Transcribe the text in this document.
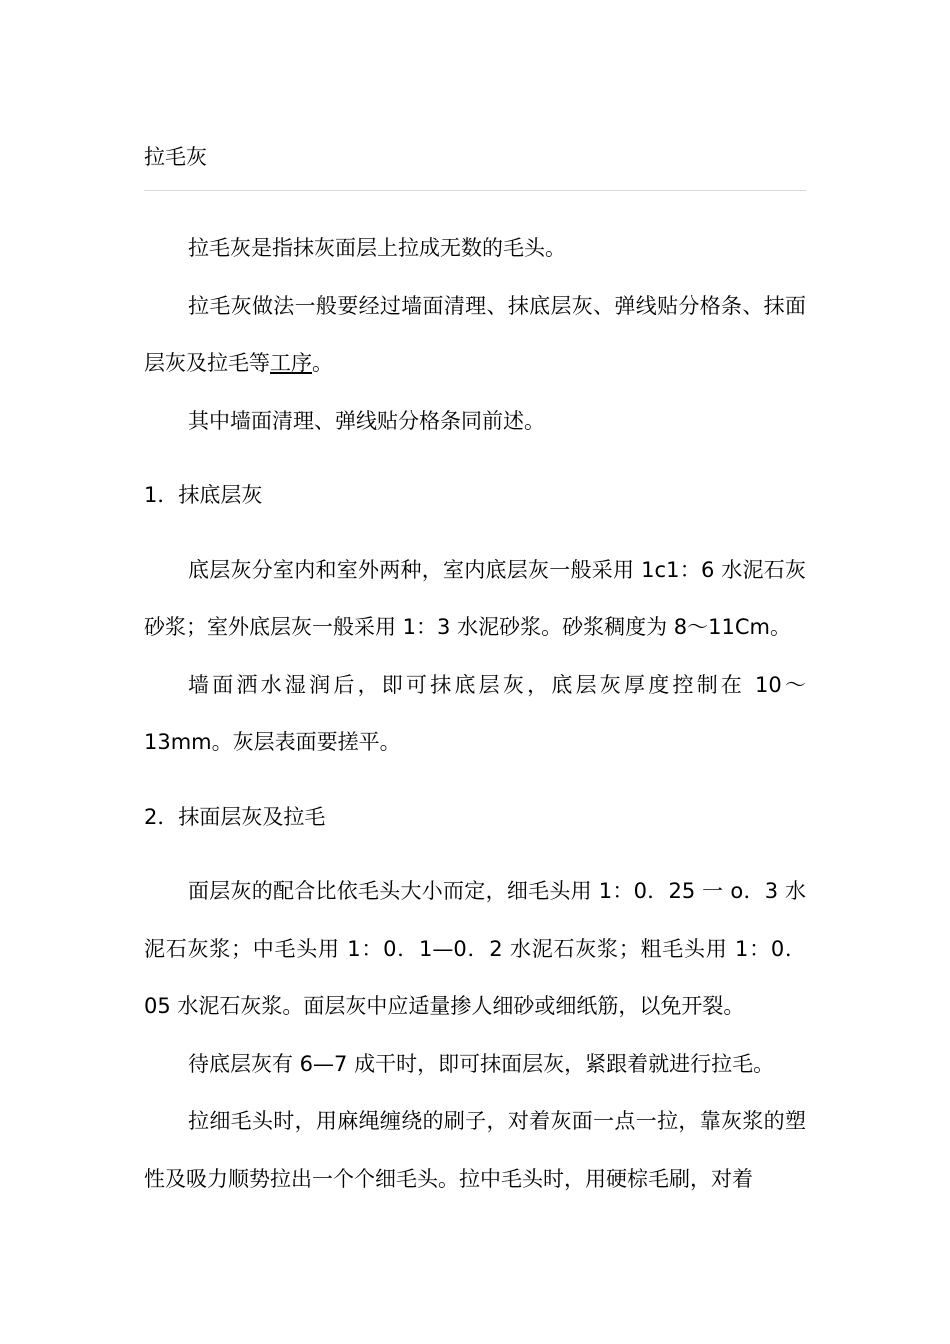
拉毛灰

拉毛灰是指抹灰面层上拉成无数的毛头。

拉毛灰做法一般要经过墙面清理、抹底层灰、弹线贴分格条、抹面层灰及拉毛等工序。

其中墙面清理、弹线贴分格条同前述。

1．抹底层灰

底层灰分室内和室外两种，室内底层灰一般采用 1c1：6 水泥石灰砂浆；室外底层灰一般采用 1：3 水泥砂浆。砂浆稠度为 8～11Cm。

墙面洒水湿润后，即可抹底层灰，底层灰厚度控制在 10～13mm。灰层表面要搓平。

2．抹面层灰及拉毛

面层灰的配合比依毛头大小而定，细毛头用 1：0．25 一 o．3 水泥石灰浆；中毛头用 1：0．1—0．2 水泥石灰浆；粗毛头用 1：0．05 水泥石灰浆。面层灰中应适量掺人细砂或细纸筋，以免开裂。

待底层灰有 6—7 成干时，即可抹面层灰，紧跟着就进行拉毛。

拉细毛头时，用麻绳缠绕的刷子，对着灰面一点一拉，靠灰浆的塑性及吸力顺势拉出一个个细毛头。拉中毛头时，用硬棕毛刷，对着
